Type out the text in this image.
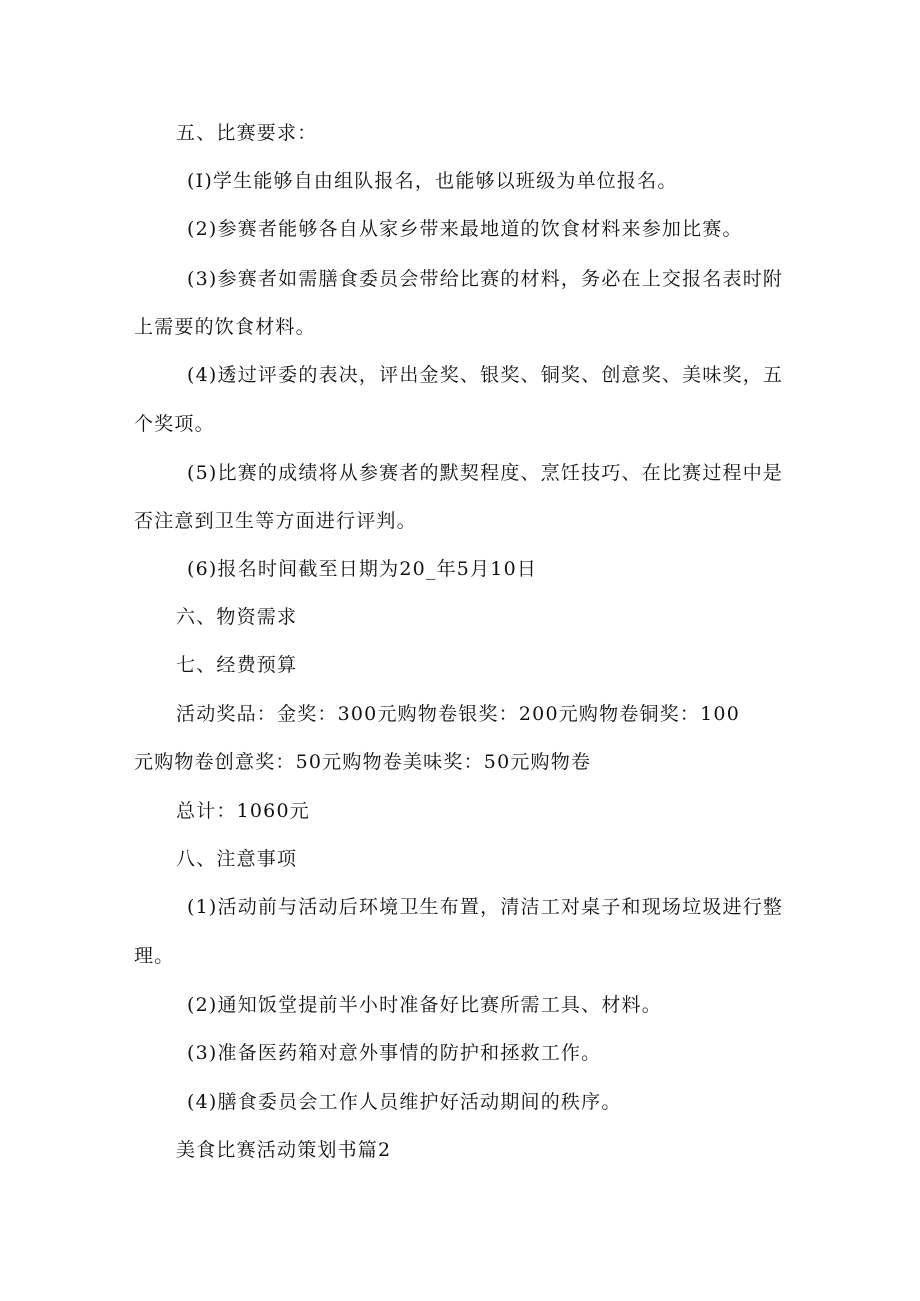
五、比赛要求：
(I)学生能够自由组队报名，也能够以班级为单位报名。
(2)参赛者能够各自从家乡带来最地道的饮食材料来参加比赛。
(3)参赛者如需膳食委员会带给比赛的材料，务必在上交报名表时附
上需要的饮食材料。
(4)透过评委的表决，评出金奖、银奖、铜奖、创意奖、美味奖，五
个奖项。
(5)比赛的成绩将从参赛者的默契程度、烹饪技巧、在比赛过程中是
否注意到卫生等方面进行评判。
(6)报名时间截至日期为20_年5月10日
六、物资需求
七、经费预算
活动奖品：金奖：300元购物卷银奖：200元购物卷铜奖：100
元购物卷创意奖：50元购物卷美味奖：50元购物卷
总计：1060元
八、注意事项
(1)活动前与活动后环境卫生布置，清洁工对桌子和现场垃圾进行整
理。
(2)通知饭堂提前半小时准备好比赛所需工具、材料。
(3)准备医药箱对意外事情的防护和拯救工作。
(4)膳食委员会工作人员维护好活动期间的秩序。
美食比赛活动策划书篇2
